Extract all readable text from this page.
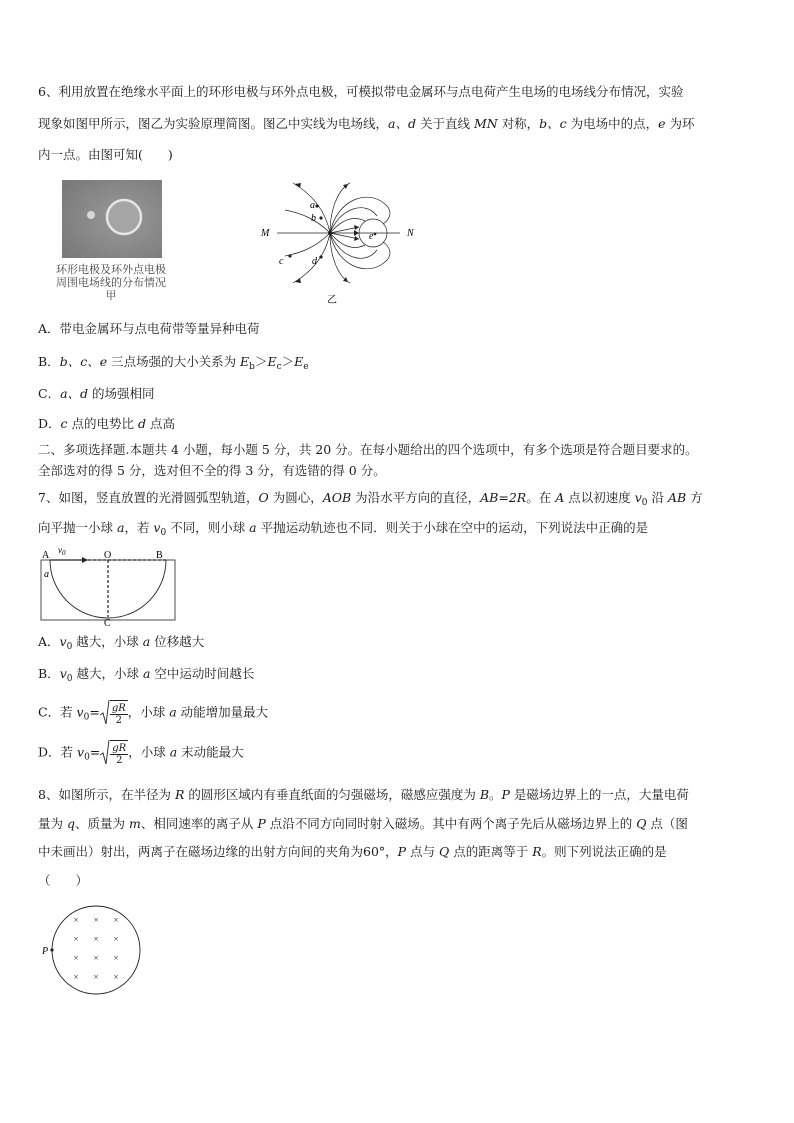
6、利用放置在绝缘水平面上的环形电极与环外点电极，可模拟带电金属环与点电荷产生电场的电场线分布情况，实验
现象如图甲所示，图乙为实验原理简图。图乙中实线为电场线，a、d 关于直线 MN 对称，b、c 为电场中的点，e 为环
内一点。由图可知(　　)
环形电极及环外点电极
周围电场线的分布情况
甲
M	N
a
b
c	d
e
乙
A．带电金属环与点电荷带等量异种电荷
B．b、c、e 三点场强的大小关系为 $E_b>E_c>E_e$
C．a、d 的场强相同
D．c 点的电势比 d 点高
二、多项选择题.本题共 4 小题，每小题 5 分，共 20 分。在每小题给出的四个选项中，有多个选项是符合题目要求的。
全部选对的得 5 分，选对但不全的得 3 分，有选错的得 0 分。
7、如图，竖直放置的光滑圆弧型轨道，O 为圆心，AOB 为沿水平方向的直径，AB=2R。在 A 点以初速度 $v_0$ 沿 AB 方
向平抛一小球 a，若 $v_0$ 不同，则小球 a 平抛运动轨迹也不同．则关于小球在空中的运动，下列说法中正确的是
A	O	B
C
$v_0$
a
A．$v_0$ 越大，小球 a 位移越大
B．$v_0$ 越大，小球 a 空中运动时间越长
C．若 $v_0= \frac{gR}{2}$，小球 a 动能增加量最大
D．若 $v_0= \frac{gR}{2}$，小球 a 末动能最大
8、如图所示，在半径为 R 的圆形区域内有垂直纸面的匀强磁场，磁感应强度为 B。P 是磁场边界上的一点，大量电荷
量为 q、质量为 m、相同速率的离子从 P 点沿不同方向同时射入磁场。其中有两个离子先后从磁场边界上的 Q 点（图
中未画出）射出，两离子在磁场边缘的出射方向间的夹角为60°，P 点与 Q 点的距离等于 R。则下列说法正确的是
（　　）
P
× × ×
× × ×
× × ×
× × ×
